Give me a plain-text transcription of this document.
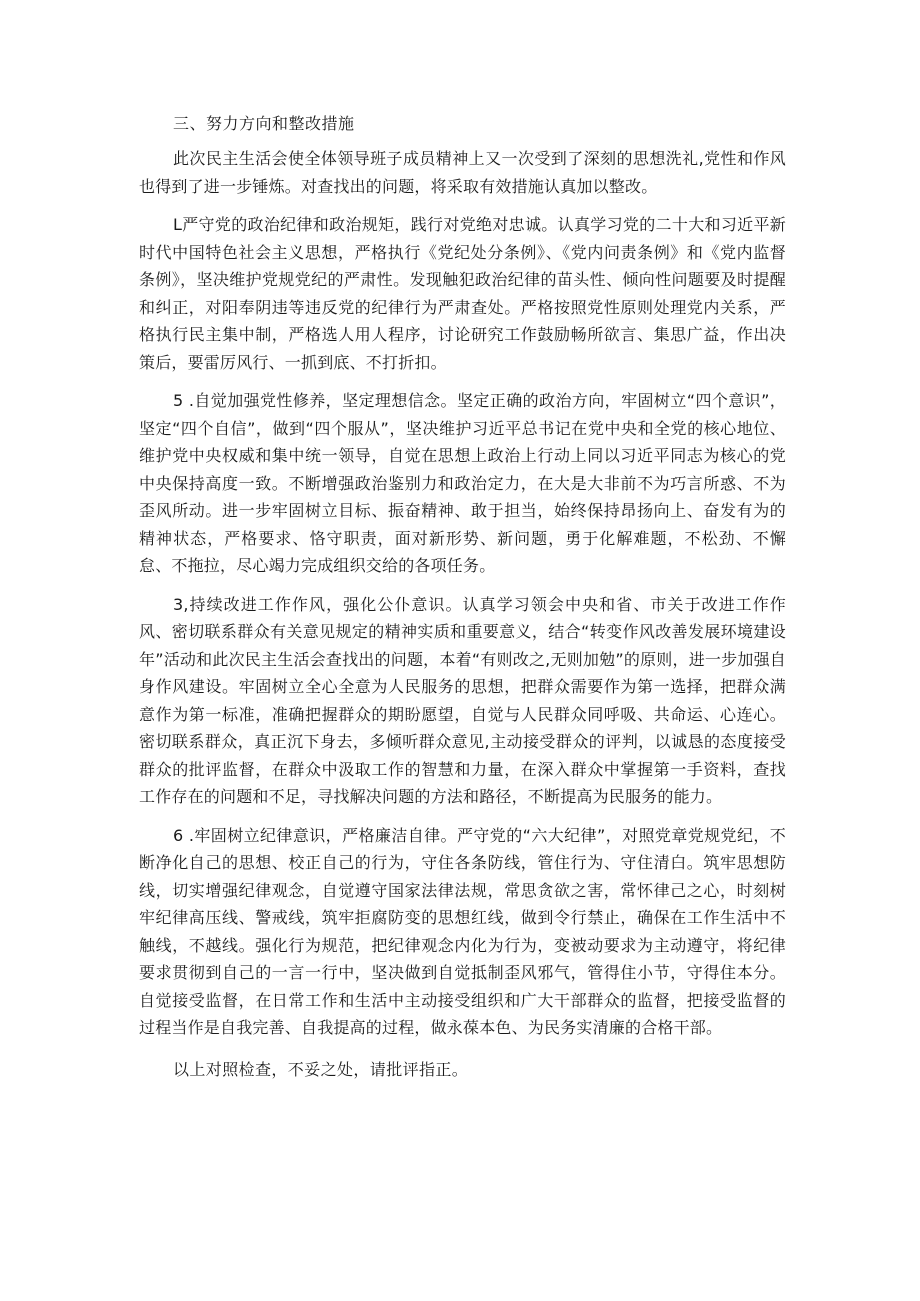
三、努力方向和整改措施

此次民主生活会使全体领导班子成员精神上又一次受到了深刻的思想洗礼,党性和作风也得到了进一步锤炼。对查找出的问题，将采取有效措施认真加以整改。

L严守党的政治纪律和政治规矩，践行对党绝对忠诚。认真学习党的二十大和习近平新时代中国特色社会主义思想，严格执行《党纪处分条例》、《党内问责条例》和《党内监督条例》，坚决维护党规党纪的严肃性。发现触犯政治纪律的苗头性、倾向性问题要及时提醒和纠正，对阳奉阴违等违反党的纪律行为严肃查处。严格按照党性原则处理党内关系，严格执行民主集中制，严格选人用人程序，讨论研究工作鼓励畅所欲言、集思广益，作出决策后，要雷厉风行、一抓到底、不打折扣。

5 .自觉加强党性修养，坚定理想信念。坚定正确的政治方向，牢固树立“四个意识”，坚定“四个自信”，做到“四个服从”，坚决维护习近平总书记在党中央和全党的核心地位、维护党中央权威和集中统一领导，自觉在思想上政治上行动上同以习近平同志为核心的党中央保持高度一致。不断增强政治鉴别力和政治定力，在大是大非前不为巧言所惑、不为歪风所动。进一步牢固树立目标、振奋精神、敢于担当，始终保持昂扬向上、奋发有为的精神状态，严格要求、恪守职责，面对新形势、新问题，勇于化解难题，不松劲、不懈怠、不拖拉，尽心竭力完成组织交给的各项任务。

3,持续改进工作作风，强化公仆意识。认真学习领会中央和省、市关于改进工作作风、密切联系群众有关意见规定的精神实质和重要意义，结合“转变作风改善发展环境建设年”活动和此次民主生活会查找出的问题，本着“有则改之,无则加勉”的原则，进一步加强自身作风建设。牢固树立全心全意为人民服务的思想，把群众需要作为第一选择，把群众满意作为第一标准，准确把握群众的期盼愿望，自觉与人民群众同呼吸、共命运、心连心。密切联系群众，真正沉下身去，多倾听群众意见,主动接受群众的评判，以诚恳的态度接受群众的批评监督，在群众中汲取工作的智慧和力量，在深入群众中掌握第一手资料，查找工作存在的问题和不足，寻找解决问题的方法和路径，不断提高为民服务的能力。

6 .牢固树立纪律意识，严格廉洁自律。严守党的“六大纪律”，对照党章党规党纪，不断净化自己的思想、校正自己的行为，守住各条防线，管住行为、守住清白。筑牢思想防线，切实增强纪律观念，自觉遵守国家法律法规，常思贪欲之害，常怀律己之心，时刻树牢纪律高压线、警戒线，筑牢拒腐防变的思想红线，做到令行禁止，确保在工作生活中不触线，不越线。强化行为规范，把纪律观念内化为行为，变被动要求为主动遵守，将纪律要求贯彻到自己的一言一行中，坚决做到自觉抵制歪风邪气，管得住小节，守得住本分。自觉接受监督，在日常工作和生活中主动接受组织和广大干部群众的监督，把接受监督的过程当作是自我完善、自我提高的过程，做永葆本色、为民务实清廉的合格干部。

以上对照检查，不妥之处，请批评指正。
